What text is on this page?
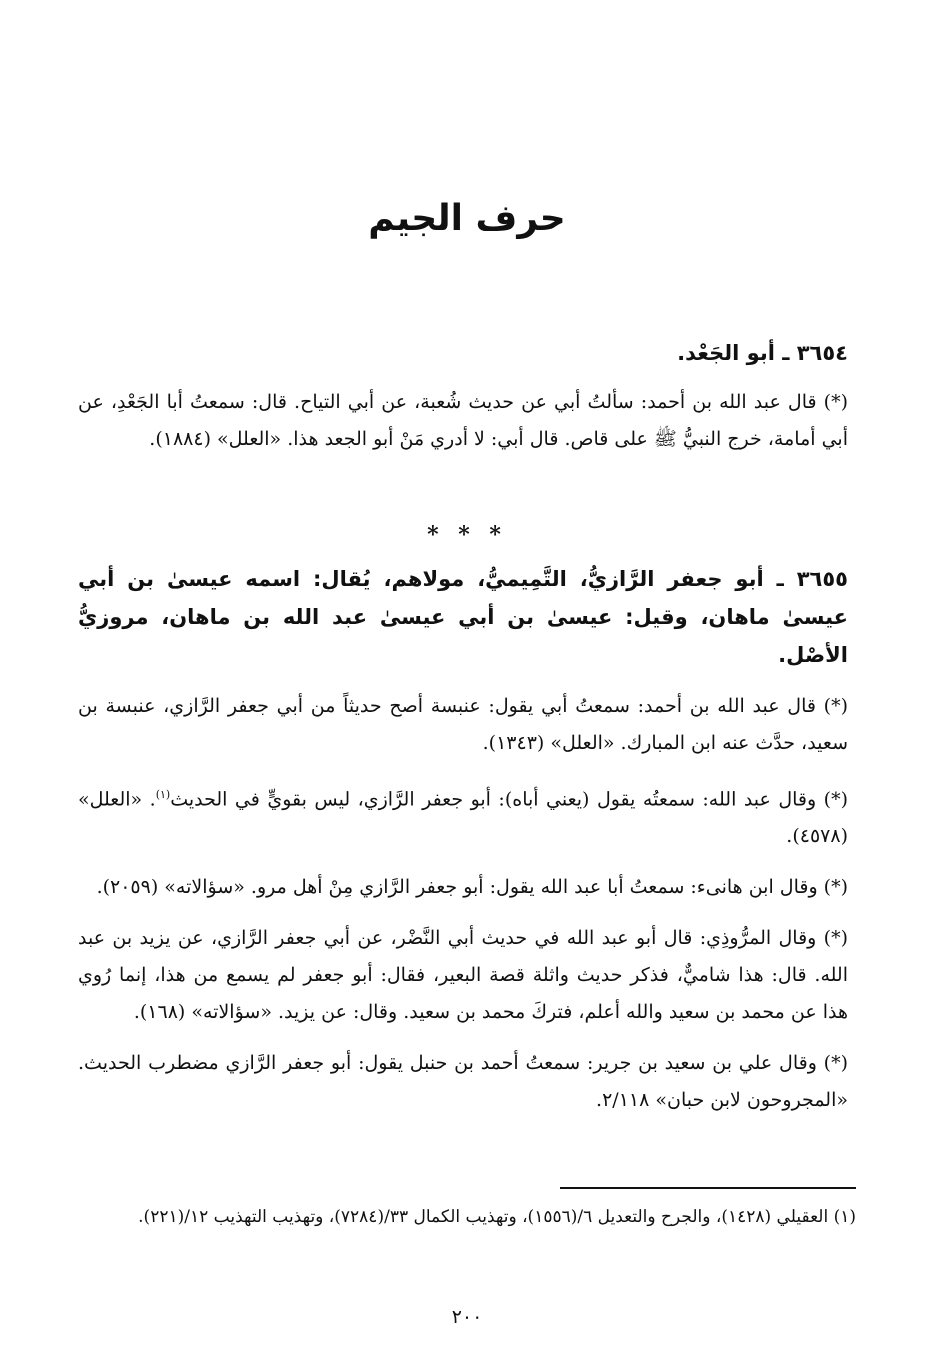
حرف الجيم
٣٦٥٤ ـ أبو الجَعْد.
(*) قال عبد الله بن أحمد: سألتُ أبي عن حديث شُعبة، عن أبي التياح. قال: سمعتُ أبا الجَعْدِ، عن أبي أمامة، خرج النبيُّ ﷺ على قاص. قال أبي: لا أدري مَنْ أبو الجعد هذا. «العلل» (١٨٨٤).
* * *
٣٦٥٥ ـ أبو جعفر الرَّازيُّ، التَّمِيميُّ، مولاهم، يُقال: اسمه عيسىٰ بن أبي عيسىٰ ماهان، وقيل: عيسىٰ بن أبي عيسىٰ عبد الله بن ماهان، مروزيُّ الأصْل.
(*) قال عبد الله بن أحمد: سمعتُ أبي يقول: عنبسة أصح حديثاً من أبي جعفر الرَّازي، عنبسة بن سعيد، حدَّث عنه ابن المبارك. «العلل» (١٣٤٣).
(*) وقال عبد الله: سمعتُه يقول (يعني أباه): أبو جعفر الرَّازي، ليس بقويٍّ في الحديث$^{(١)}$. «العلل» (٤٥٧٨).
(*) وقال ابن هانىء: سمعتُ أبا عبد الله يقول: أبو جعفر الرَّازي مِنْ أهل مرو. «سؤالاته» (٢٠٥٩).
(*) وقال المرُّوذِي: قال أبو عبد الله في حديث أبي النَّضْر، عن أبي جعفر الرَّازي، عن يزيد بن عبد الله. قال: هذا شاميٌّ، فذكر حديث واثلة قصة البعير، فقال: أبو جعفر لم يسمع من هذا، إنما رُوي هذا عن محمد بن سعيد والله أعلم، فتركَ محمد بن سعيد. وقال: عن يزيد. «سؤالاته» (١٦٨).
(*) وقال علي بن سعيد بن جرير: سمعتُ أحمد بن حنبل يقول: أبو جعفر الرَّازي مضطرب الحديث. «المجروحون لابن حبان» ٢/١١٨.
(١) العقيلي (١٤٢٨)، والجرح والتعديل ٦/(١٥٥٦)، وتهذيب الكمال ٣٣/(٧٢٨٤)، وتهذيب التهذيب ١٢/(٢٢١).
٢٠٠
